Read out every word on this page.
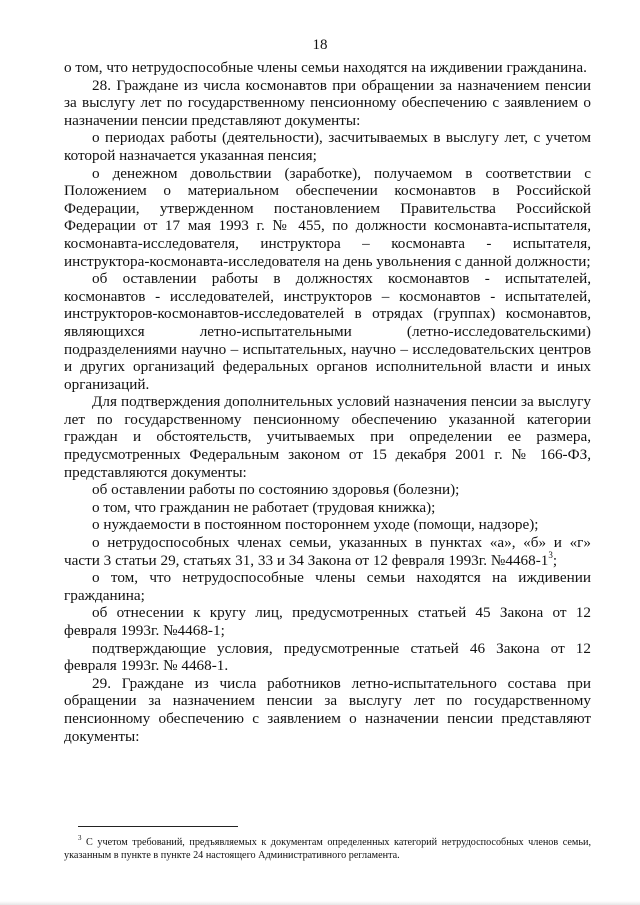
18

о том, что нетрудоспособные члены семьи находятся на иждивении гражданина.

28. Граждане из числа космонавтов при обращении за назначением пенсии за выслугу лет по государственному пенсионному обеспечению с заявлением о назначении пенсии представляют документы:

о периодах работы (деятельности), засчитываемых в выслугу лет, с учетом которой назначается указанная пенсия;

о денежном довольствии (заработке), получаемом в соответствии с Положением о материальном обеспечении космонавтов в Российской Федерации, утвержденном постановлением Правительства Российской Федерации от 17 мая 1993 г. № 455, по должности космонавта-испытателя, космонавта-исследователя, инструктора – космонавта - испытателя, инструктора-космонавта-исследователя на день увольнения с данной должности;

об оставлении работы в должностях космонавтов - испытателей, космонавтов - исследователей, инструкторов – космонавтов - испытателей, инструкторов-космонавтов-исследователей в отрядах (группах) космонавтов, являющихся летно-испытательными (летно-исследовательскими) подразделениями научно – испытательных, научно – исследовательских центров и других организаций федеральных органов исполнительной власти и иных организаций.

Для подтверждения дополнительных условий назначения пенсии за выслугу лет по государственному пенсионному обеспечению указанной категории граждан и обстоятельств, учитываемых при определении ее размера, предусмотренных Федеральным законом от 15 декабря 2001 г. № 166-ФЗ, представляются документы:

об оставлении работы по состоянию здоровья (болезни);

о том, что гражданин не работает (трудовая книжка);

о нуждаемости в постоянном постороннем уходе (помощи, надзоре);

о нетрудоспособных членах семьи, указанных в пунктах «а», «б» и «г» части 3 статьи 29, статьях 31, 33 и 34 Закона от 12 февраля 1993г. $№4468-1^3$;

о том, что нетрудоспособные члены семьи находятся на иждивении гражданина;

об отнесении к кругу лиц, предусмотренных статьей 45 Закона от 12 февраля 1993г. №4468-1;

подтверждающие условия, предусмотренные статьей 46 Закона от 12 февраля 1993г. № 4468-1.

29. Граждане из числа работников летно-испытательного состава при обращении за назначением пенсии за выслугу лет по государственному пенсионному обеспечению с заявлением о назначении пенсии представляют документы:

$^3$ С учетом требований, предъявляемых к документам определенных категорий нетрудоспособных членов семьи, указанным в пункте в пункте 24 настоящего Административного регламента.
